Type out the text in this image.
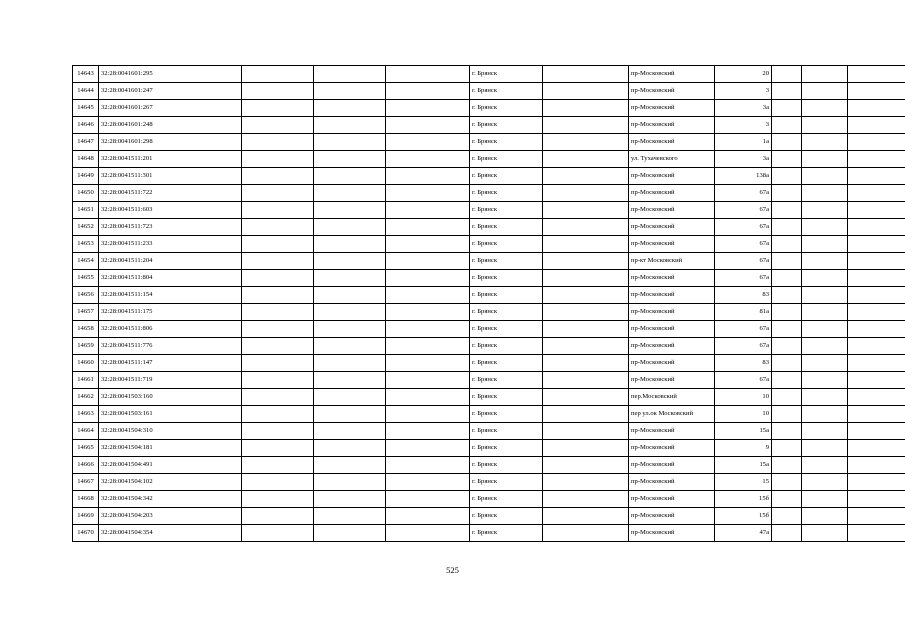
14643	32:28:0041601:295				г. Брянск		пр-Московский	20			
14644	32:28:0041601:247				г. Брянск		пр-Московский	3			
14645	32:28:0041601:267				г. Брянск		пр-Московский	3а			
14646	32:28:0041601:248				г. Брянск		пр-Московский	3			
14647	32:28:0041601:298				г. Брянск		пр-Московский	1а			
14648	32:28:0041511:201				г. Брянск		ул. Тухачевского	3а			
14649	32:28:0041511:301				г. Брянск		пр-Московский	138а			
14650	32:28:0041511:722				г. Брянск		пр-Московский	67а			
14651	32:28:0041511:603				г. Брянск		пр-Московский	67а			
14652	32:28:0041511:723				г. Брянск		пр-Московский	67а			
14653	32:28:0041511:233				г. Брянск		пр-Московский	67а			
14654	32:28:0041511:204				г. Брянск		пр-кт Московский	67а			
14655	32:28:0041511:804				г. Брянск		пр-Московский	67а			
14656	32:28:0041511:154				г. Брянск		пр-Московский	83			
14657	32:28:0041511:175				г. Брянск		пр-Московский	81а			
14658	32:28:0041511:806				г. Брянск		пр-Московский	67а			
14659	32:28:0041511:776				г. Брянск		пр-Московский	67а			
14660	32:28:0041511:147				г. Брянск		пр-Московский	83			
14661	32:28:0041511:719				г. Брянск		пр-Московский	67а			
14662	32:28:0041503:160				г. Брянск		пер.Московский	10			
14663	32:28:0041503:161				г. Брянск		пер ул.ок Московский	10			
14664	32:28:0041504:310				г. Брянск		пр-Московский	15а			
14665	32:28:0041504:181				г. Брянск		пр-Московский	9			
14666	32:28:0041504:491				г. Брянск		пр-Московский	15а			
14667	32:28:0041504:102				г. Брянск		пр-Московский	15			
14668	32:28:0041504:342				г. Брянск		пр-Московский	15б			
14669	32:28:0041504:203				г. Брянск		пр-Московский	15б			
14670	32:28:0041504:354				г. Брянск		пр-Московский	47а			
525
